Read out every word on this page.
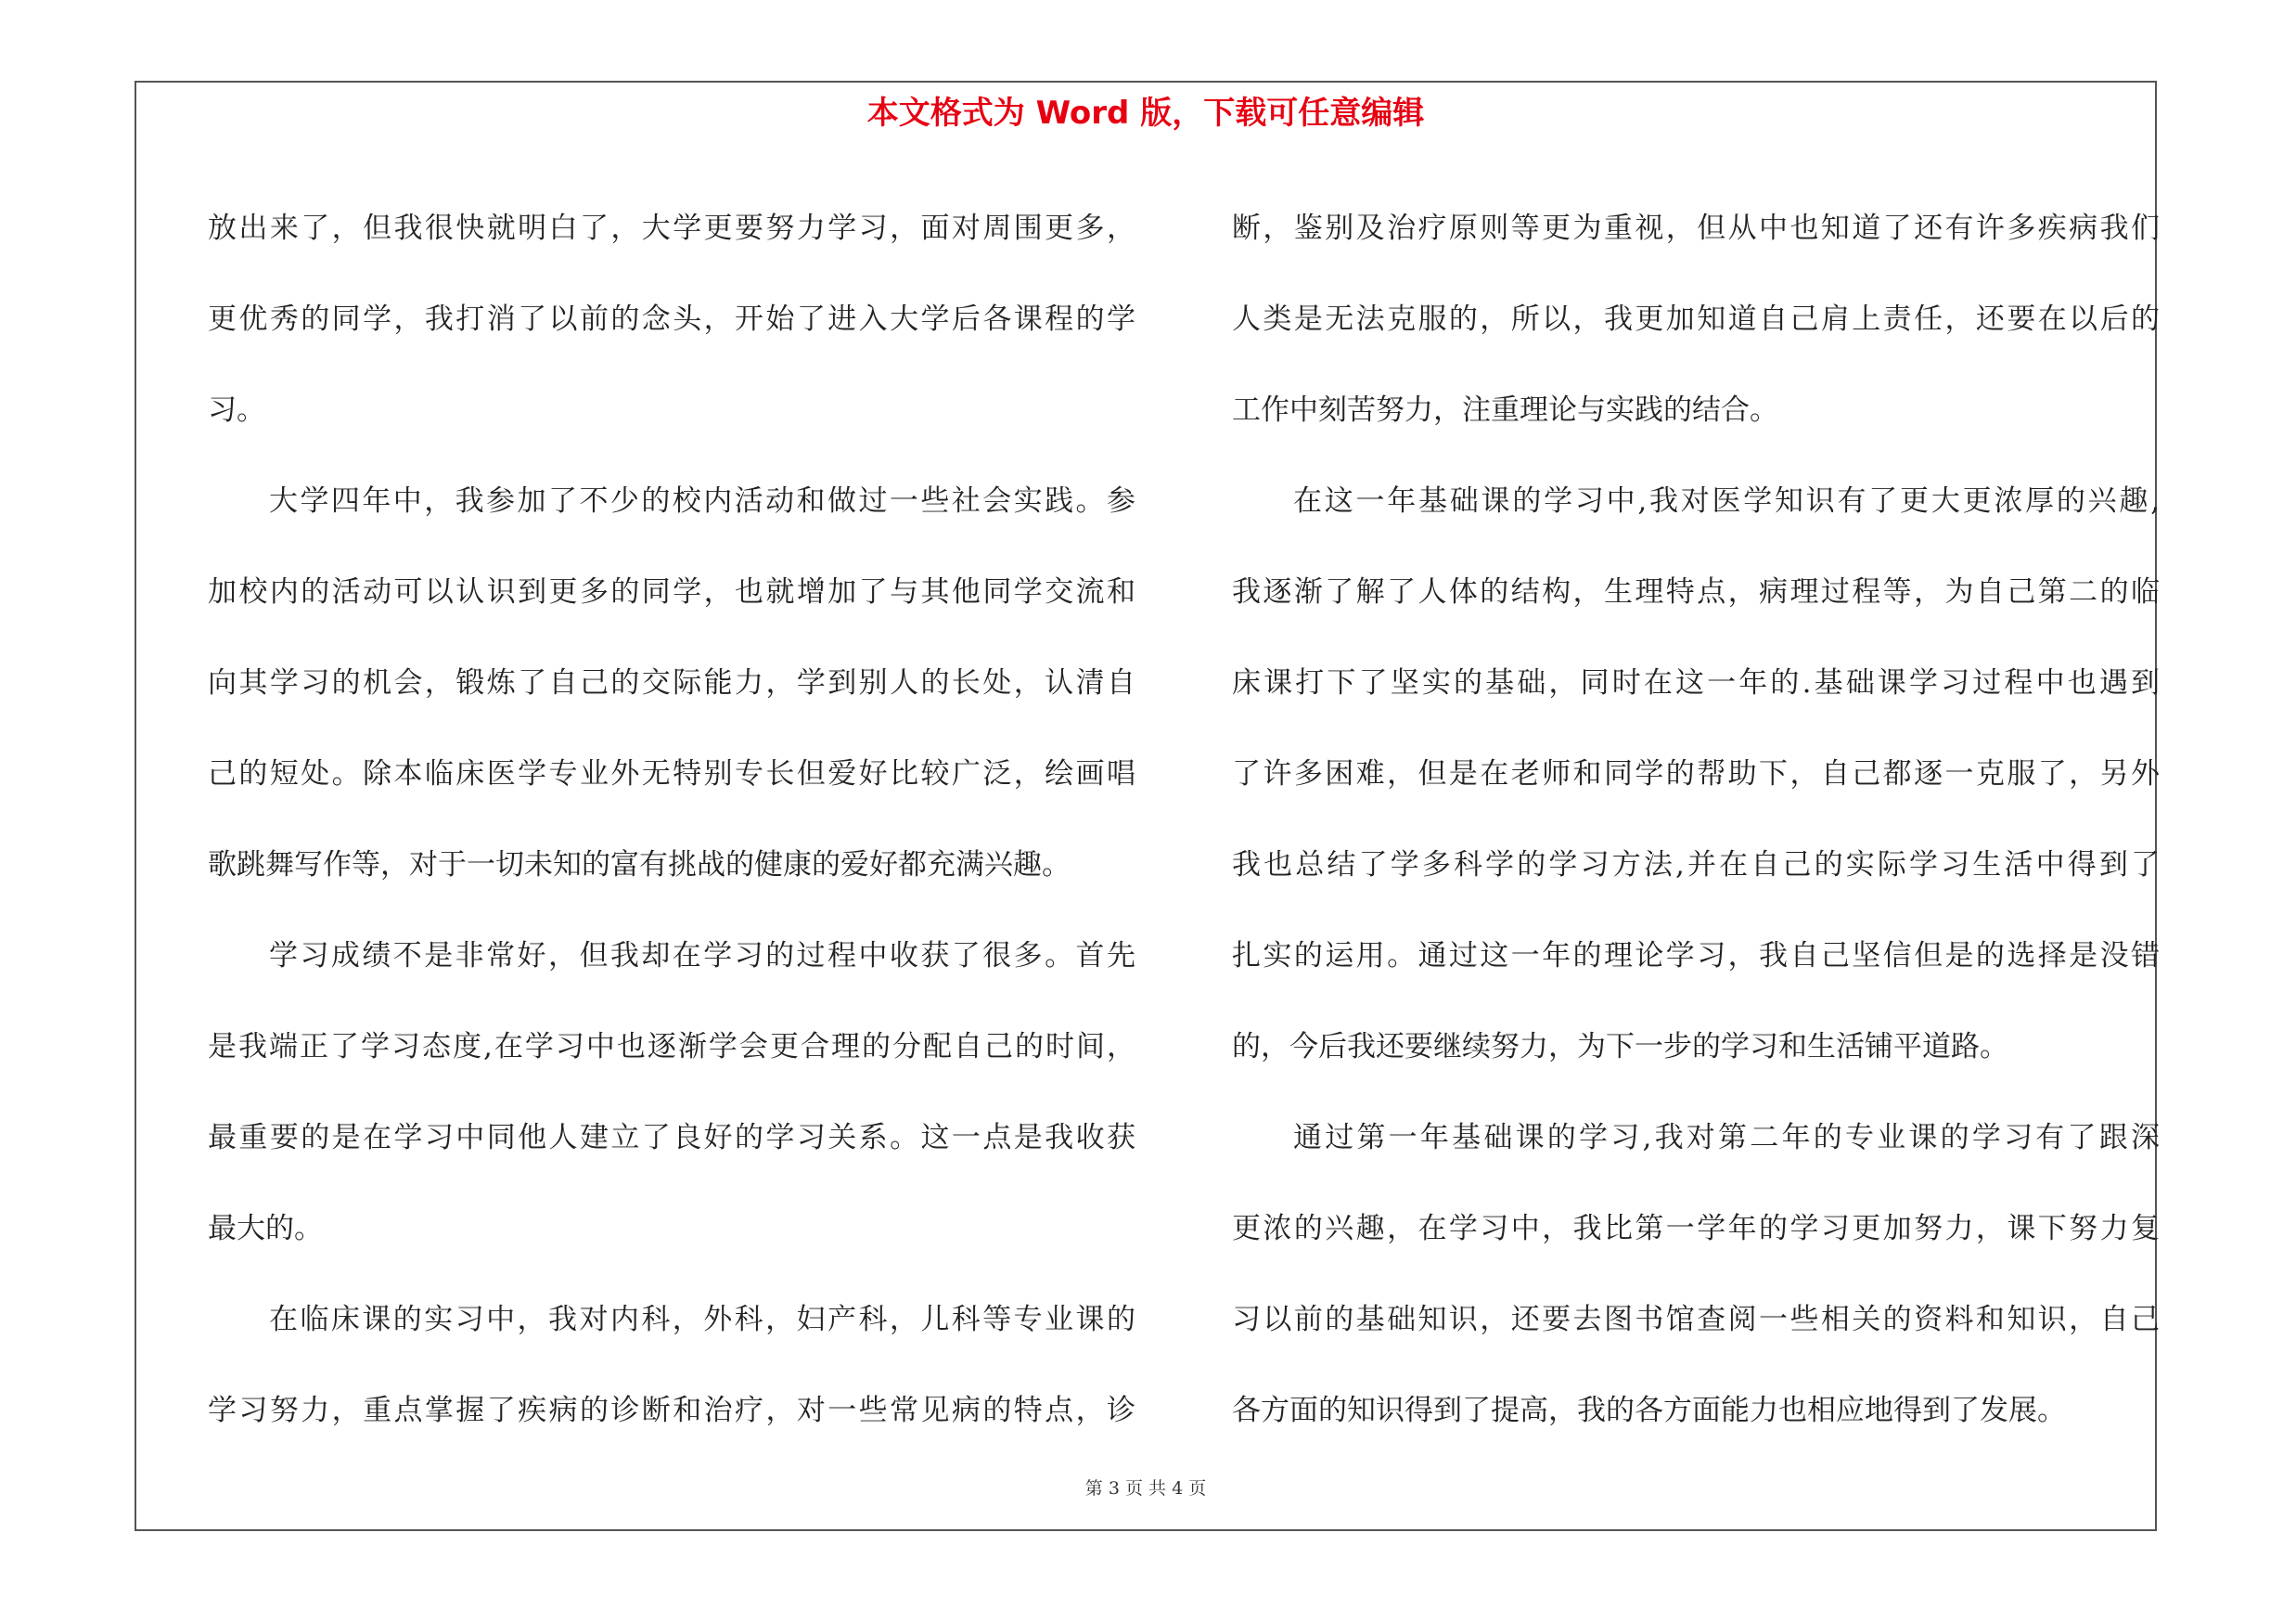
本文格式为 Word 版，下载可任意编辑
放出来了，但我很快就明白了，大学更要努力学习，面对周围更多，
更优秀的同学，我打消了以前的念头，开始了进入大学后各课程的学
习。
大学四年中，我参加了不少的校内活动和做过一些社会实践。参
加校内的活动可以认识到更多的同学，也就增加了与其他同学交流和
向其学习的机会，锻炼了自己的交际能力，学到别人的长处，认清自
己的短处。除本临床医学专业外无特别专长但爱好比较广泛，绘画唱
歌跳舞写作等，对于一切未知的富有挑战的健康的爱好都充满兴趣。
学习成绩不是非常好，但我却在学习的过程中收获了很多。首先
是我端正了学习态度,在学习中也逐渐学会更合理的分配自己的时间，
最重要的是在学习中同他人建立了良好的学习关系。这一点是我收获
最大的。
在临床课的实习中，我对内科，外科，妇产科，儿科等专业课的
学习努力，重点掌握了疾病的诊断和治疗，对一些常见病的特点，诊
断，鉴别及治疗原则等更为重视，但从中也知道了还有许多疾病我们
人类是无法克服的，所以，我更加知道自己肩上责任，还要在以后的
工作中刻苦努力，注重理论与实践的结合。
在这一年基础课的学习中,我对医学知识有了更大更浓厚的兴趣,
我逐渐了解了人体的结构，生理特点，病理过程等，为自己第二的临
床课打下了坚实的基础，同时在这一年的.基础课学习过程中也遇到
了许多困难，但是在老师和同学的帮助下，自己都逐一克服了，另外
我也总结了学多科学的学习方法,并在自己的实际学习生活中得到了
扎实的运用。通过这一年的理论学习，我自己坚信但是的选择是没错
的，今后我还要继续努力，为下一步的学习和生活铺平道路。
通过第一年基础课的学习,我对第二年的专业课的学习有了跟深
更浓的兴趣，在学习中，我比第一学年的学习更加努力，课下努力复
习以前的基础知识，还要去图书馆查阅一些相关的资料和知识，自己
各方面的知识得到了提高，我的各方面能力也相应地得到了发展。
第 3 页 共 4 页
